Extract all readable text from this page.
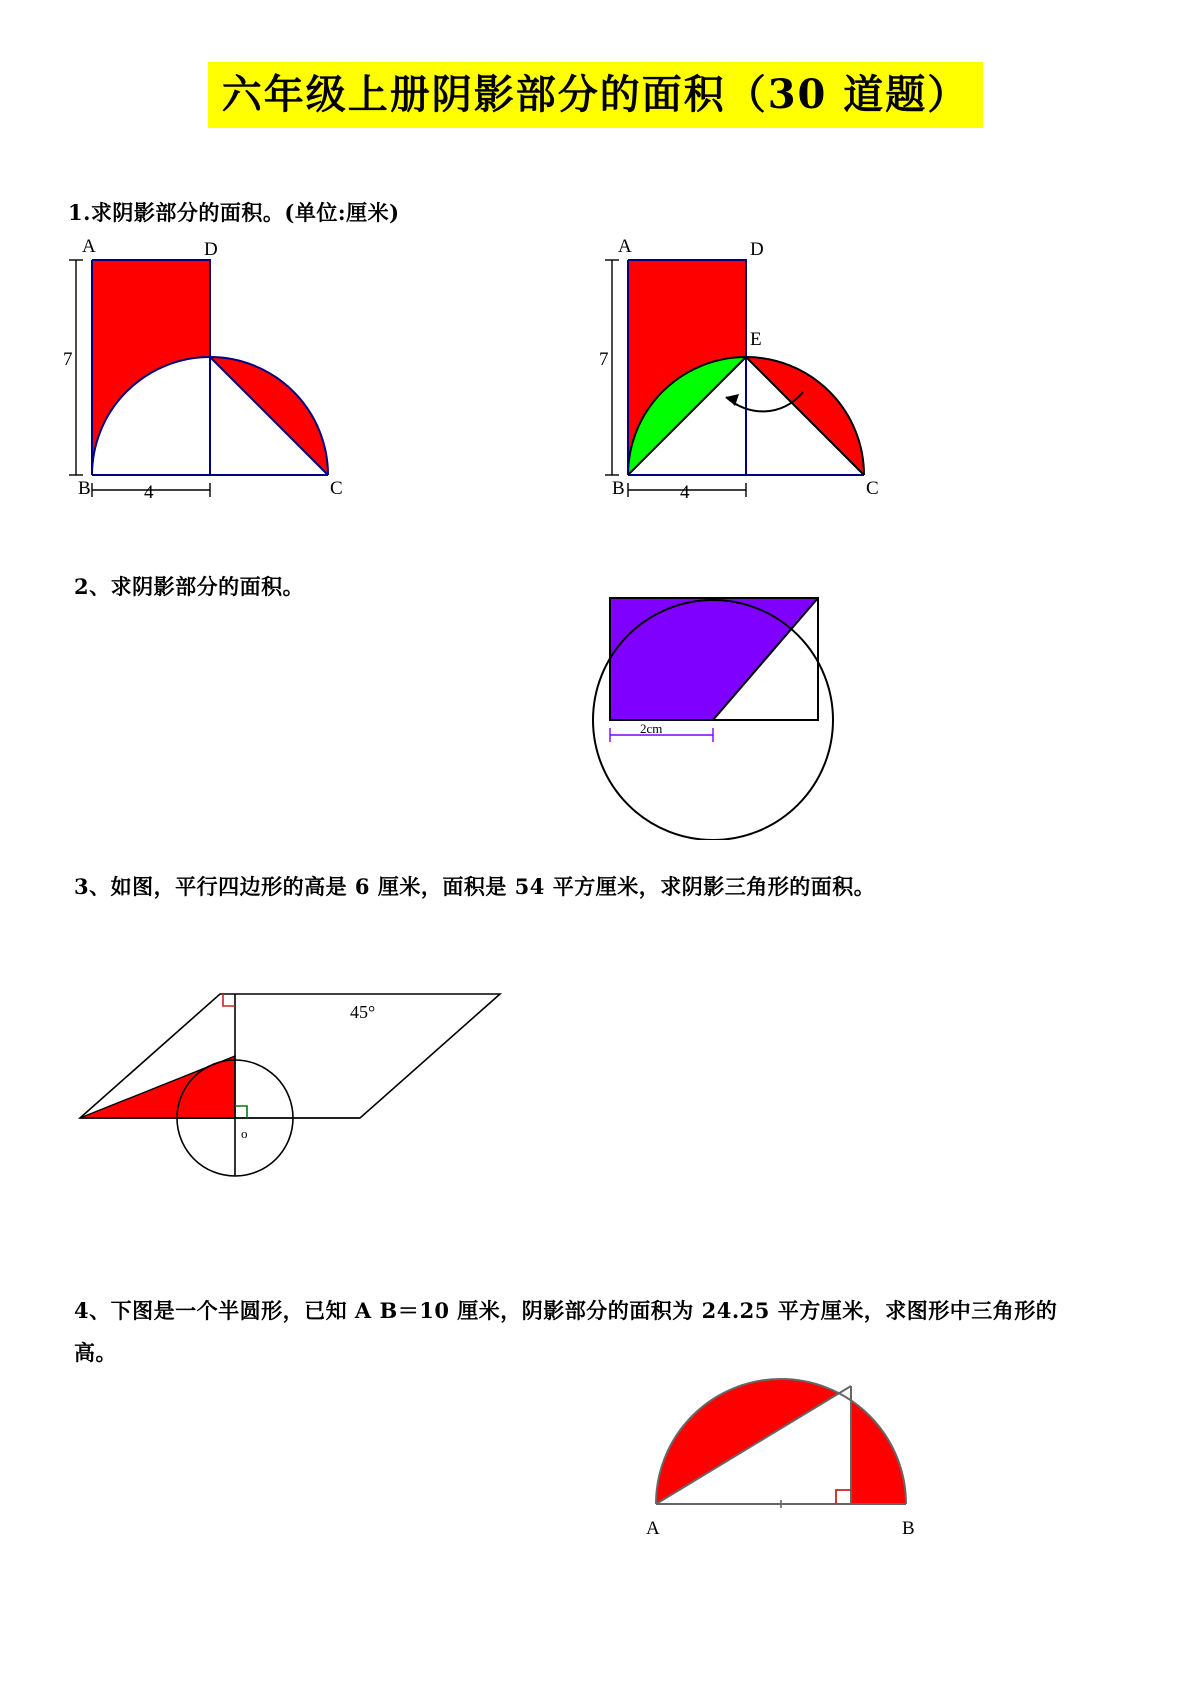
六年级上册阴影部分的面积（30 道题）
1.求阴影部分的面积。(单位:厘米)
A	D
B	C
7
4
A	D
B	C
E
7
4
2、求阴影部分的面积。
2cm
3、如图，平行四边形的高是 6 厘米，面积是 54 平方厘米，求阴影三角形的面积。
45°
o
4、下图是一个半圆形，已知 A B＝10 厘米，阴影部分的面积为 24.25 平方厘米，求图形中三角形的高。
A	B
